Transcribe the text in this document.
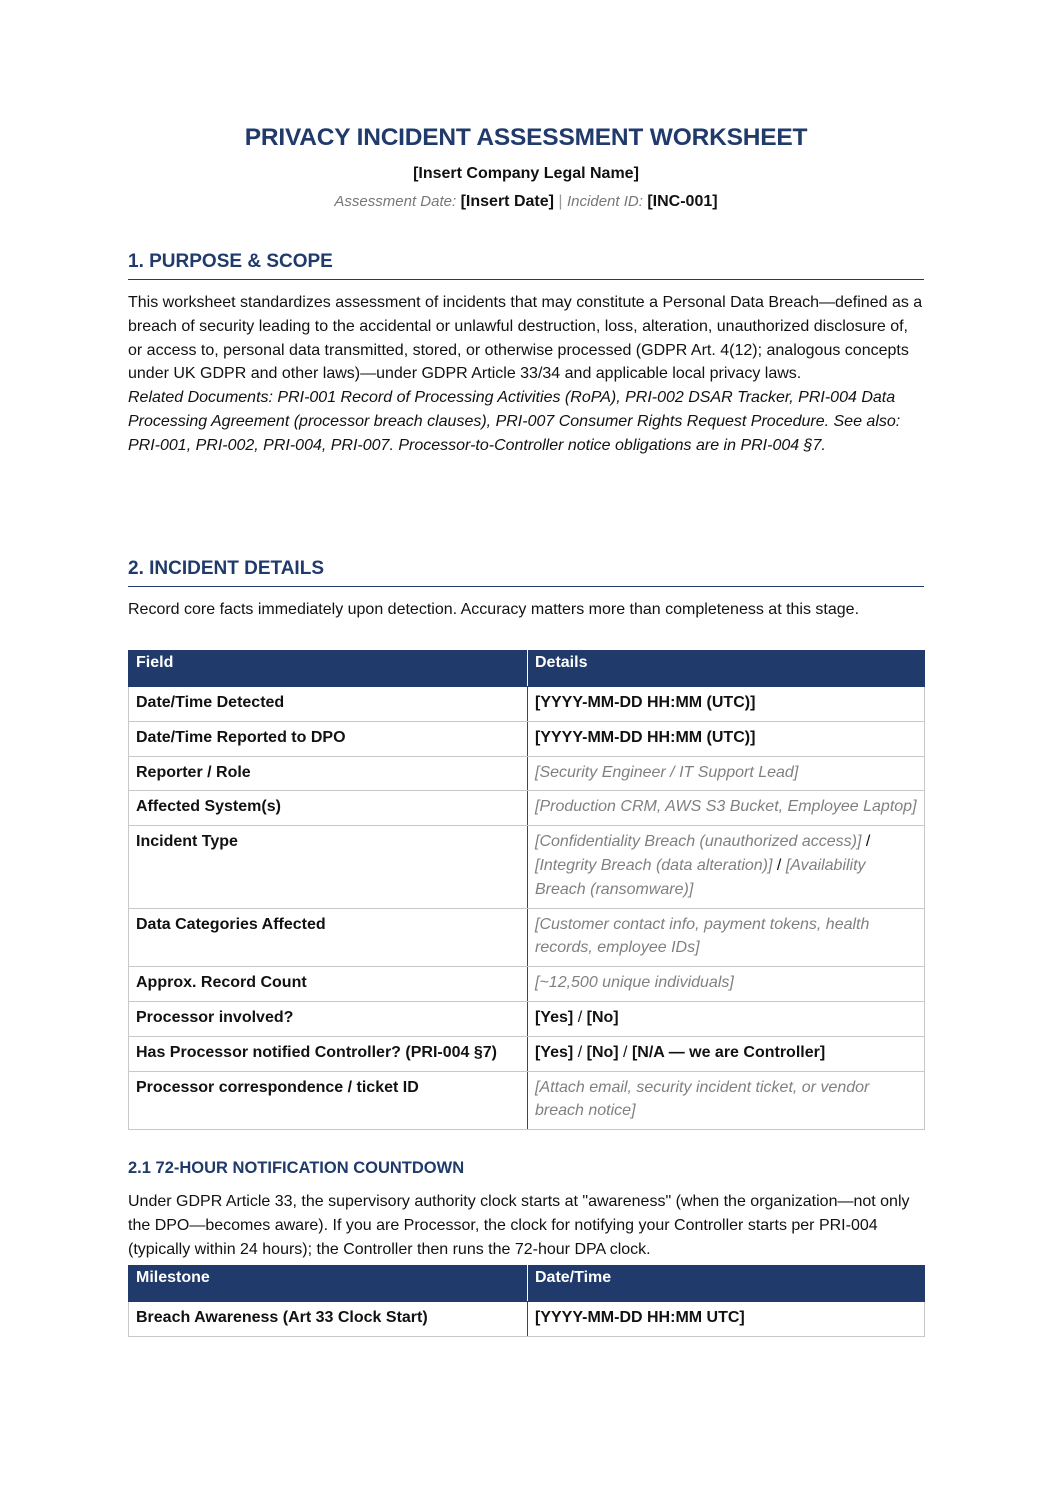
PRIVACY INCIDENT ASSESSMENT WORKSHEET
[Insert Company Legal Name]
Assessment Date: [Insert Date] | Incident ID: [INC-001]
1. PURPOSE & SCOPE

This worksheet standardizes assessment of incidents that may constitute a Personal Data Breach—defined as a breach of security leading to the accidental or unlawful destruction, loss, alteration, unauthorized disclosure of, or access to, personal data transmitted, stored, or otherwise processed (GDPR Art. 4(12); analogous concepts under UK GDPR and other laws)—under GDPR Article 33/34 and applicable local privacy laws.

Related Documents: PRI-001 Record of Processing Activities (RoPA), PRI-002 DSAR Tracker, PRI-004 Data Processing Agreement (processor breach clauses), PRI-007 Consumer Rights Request Procedure. See also: PRI-001, PRI-002, PRI-004, PRI-007. Processor-to-Controller notice obligations are in PRI-004 §7.

2. INCIDENT DETAILS
Record core facts immediately upon detection. Accuracy matters more than completeness at this stage.
Field	Details
Date/Time Detected	[YYYY-MM-DD HH:MM (UTC)]
Date/Time Reported to DPO	[YYYY-MM-DD HH:MM (UTC)]
Reporter / Role	[Security Engineer / IT Support Lead]
Affected System(s)	[Production CRM, AWS S3 Bucket, Employee Laptop]
Incident Type	[Confidentiality Breach (unauthorized access)] / [Integrity Breach (data alteration)] / [Availability Breach (ransomware)]
Data Categories Affected	[Customer contact info, payment tokens, health records, employee IDs]
Approx. Record Count	[~12,500 unique individuals]
Processor involved?	[Yes] / [No]
Has Processor notified Controller? (PRI-004 §7)	[Yes] / [No] / [N/A — we are Controller]
Processor correspondence / ticket ID	[Attach email, security incident ticket, or vendor breach notice]
2.1 72-HOUR NOTIFICATION COUNTDOWN
Under GDPR Article 33, the supervisory authority clock starts at "awareness" (when the organization—not only the DPO—becomes aware). If you are Processor, the clock for notifying your Controller starts per PRI-004 (typically within 24 hours); the Controller then runs the 72-hour DPA clock.
Milestone	Date/Time
Breach Awareness (Art 33 Clock Start)	[YYYY-MM-DD HH:MM UTC]
